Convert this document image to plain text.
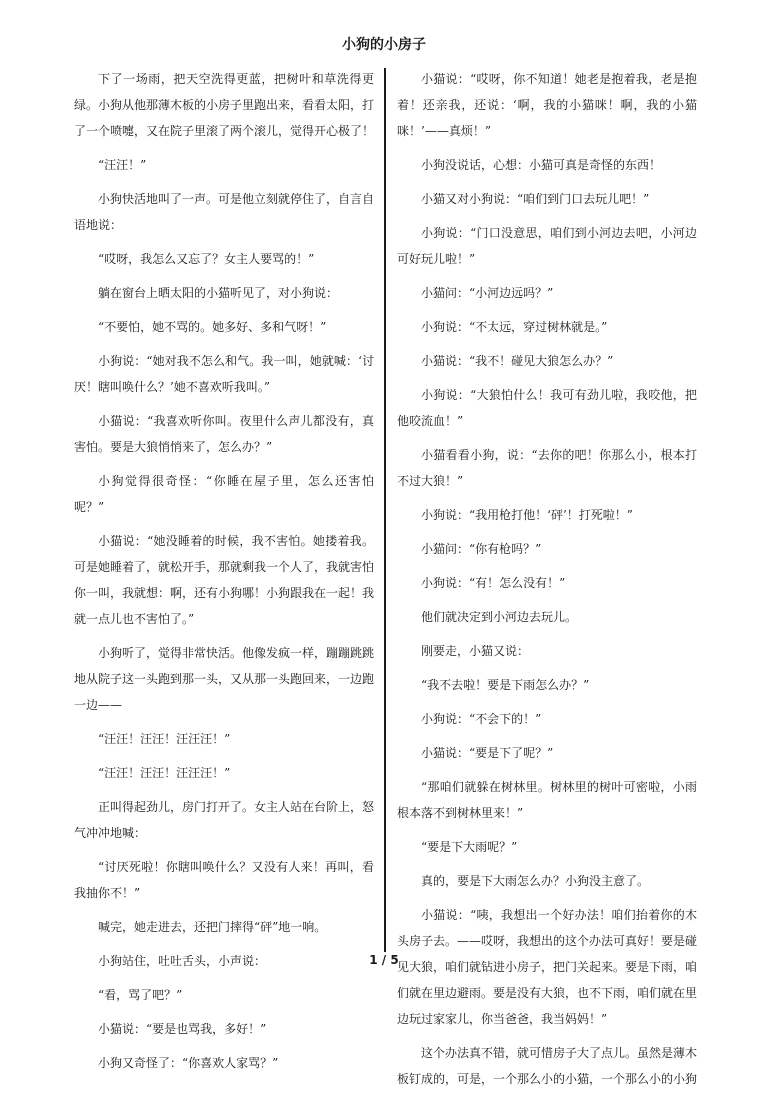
小狗的小房子

下了一场雨，把天空洗得更蓝，把树叶和草洗得更绿。小狗从他那薄木板的小房子里跑出来，看看太阳，打了一个喷嚏，又在院子里滚了两个滚儿，觉得开心极了！

“汪汪！”

小狗快活地叫了一声。可是他立刻就停住了，自言自语地说：

“哎呀，我怎么又忘了？女主人要骂的！”

躺在窗台上晒太阳的小猫听见了，对小狗说：

“不要怕，她不骂的。她多好、多和气呀！”

小狗说：“她对我不怎么和气。我一叫，她就喊：‘讨厌！瞎叫唤什么？’她不喜欢听我叫。”

小猫说：“我喜欢听你叫。夜里什么声儿都没有，真害怕。要是大狼悄悄来了，怎么办？”

小狗觉得很奇怪：“你睡在屋子里，怎么还害怕呢？”

小猫说：“她没睡着的时候，我不害怕。她搂着我。可是她睡着了，就松开手，那就剩我一个人了，我就害怕你一叫，我就想：啊，还有小狗哪！小狗跟我在一起！我就一点儿也不害怕了。”

小狗听了，觉得非常快活。他像发疯一样，蹦蹦跳跳地从院子这一头跑到那一头，又从那一头跑回来，一边跑一边——

“汪汪！汪汪！汪汪汪！”

“汪汪！汪汪！汪汪汪！”

正叫得起劲儿，房门打开了。女主人站在台阶上，怒气冲冲地喊：

“讨厌死啦！你瞎叫唤什么？又没有人来！再叫，看我抽你不！”

喊完，她走进去，还把门摔得“砰”地一响。

小狗站住，吐吐舌头，小声说：

“看，骂了吧？”

小猫说：“要是也骂我，多好！”

小狗又奇怪了：“你喜欢人家骂？”

小猫说：“哎呀，你不知道！她老是抱着我，老是抱着！还亲我，还说：‘啊，我的小猫咪！啊，我的小猫咪！’——真烦！”

小狗没说话，心想：小猫可真是奇怪的东西！

小猫又对小狗说：“咱们到门口去玩儿吧！”

小狗说：“门口没意思，咱们到小河边去吧，小河边可好玩儿啦！”

小猫问：“小河边远吗？”

小狗说：“不太远，穿过树林就是。”

小猫说：“我不！碰见大狼怎么办？”

小狗说：“大狼怕什么！我可有劲儿啦，我咬他，把他咬流血！”

小猫看看小狗，说：“去你的吧！你那么小，根本打不过大狼！”

小狗说：“我用枪打他！‘砰’！打死啦！”

小猫问：“你有枪吗？”

小狗说：“有！怎么没有！”

他们就决定到小河边去玩儿。

刚要走，小猫又说：

“我不去啦！要是下雨怎么办？”

小狗说：“不会下的！”

小猫说：“要是下了呢？”

“那咱们就躲在树林里。树林里的树叶可密啦，小雨根本落不到树林里来！”

“要是下大雨呢？”

真的，要是下大雨怎么办？小狗没主意了。

小猫说：“咦，我想出一个好办法！咱们抬着你的木头房子去。——哎呀，我想出的这个办法可真好！要是碰见大狼，咱们就钻进小房子，把门关起来。要是下雨，咱们就在里边避雨。要是没有大狼，也不下雨，咱们就在里边玩过家家儿，你当爸爸，我当妈妈！”

这个办法真不错，就可惜房子大了点儿。虽然是薄木板钉成的，可是，一个那么小的小猫，一个那么小的小狗

1 / 5
